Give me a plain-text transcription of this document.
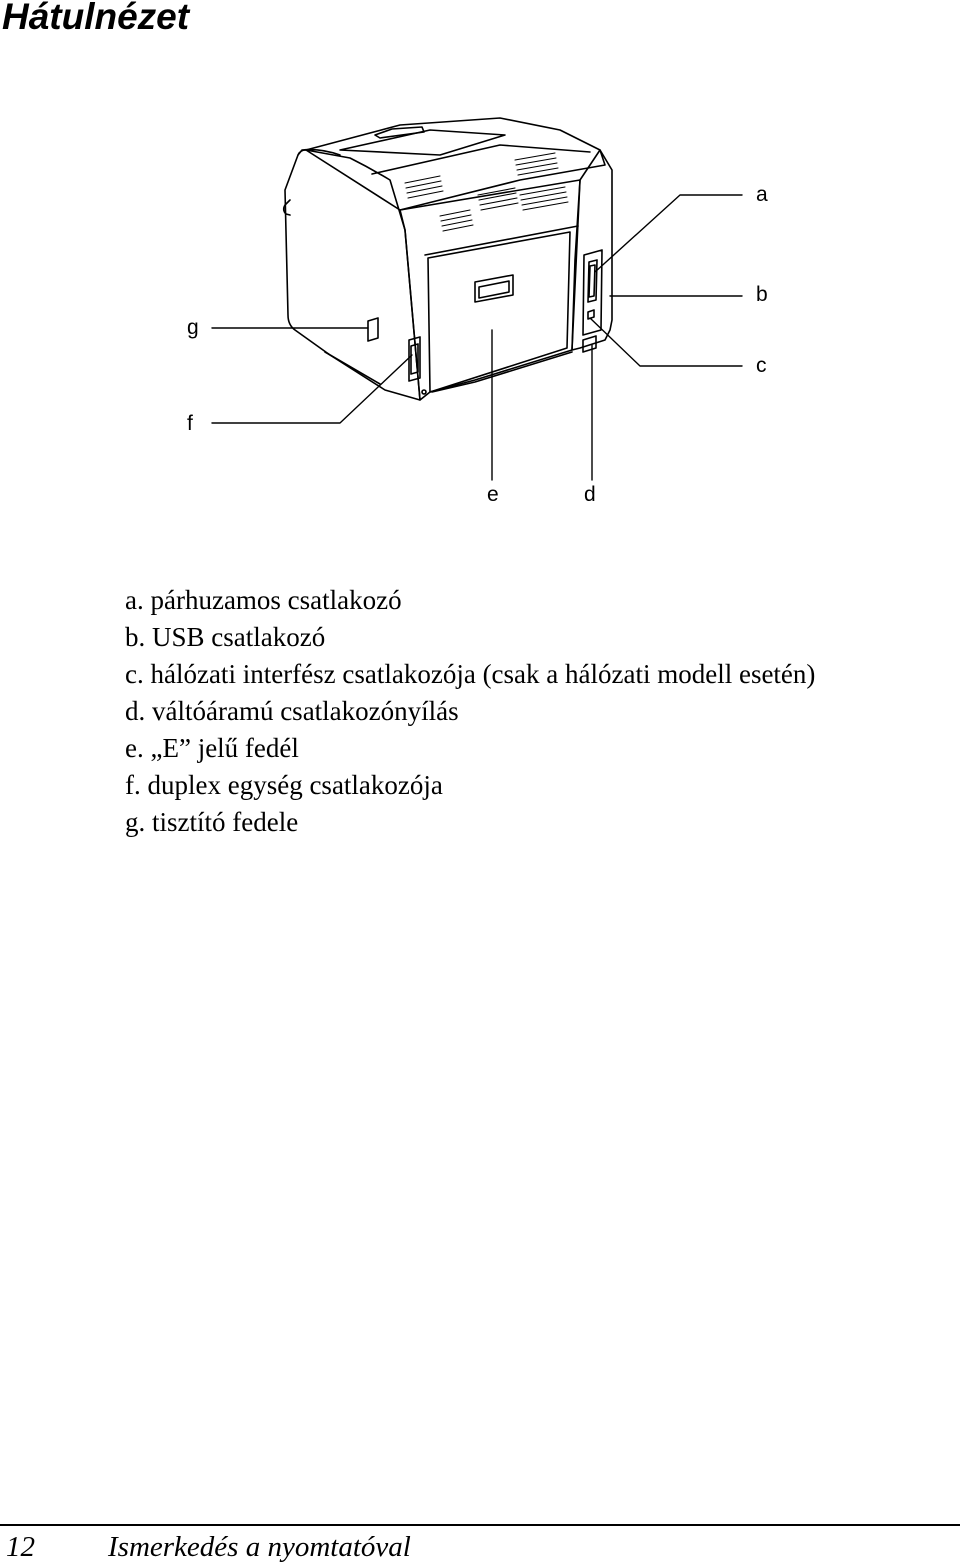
Hátulnézet
a
b
c
d
e
f
g
a. párhuzamos csatlakozó
b. USB csatlakozó
c. hálózati interfész csatlakozója (csak a hálózati modell esetén)
d. váltóáramú csatlakozónyílás
e. „E” jelű fedél
f. duplex egység csatlakozója
g. tisztító fedele
12	Ismerkedés a nyomtatóval
